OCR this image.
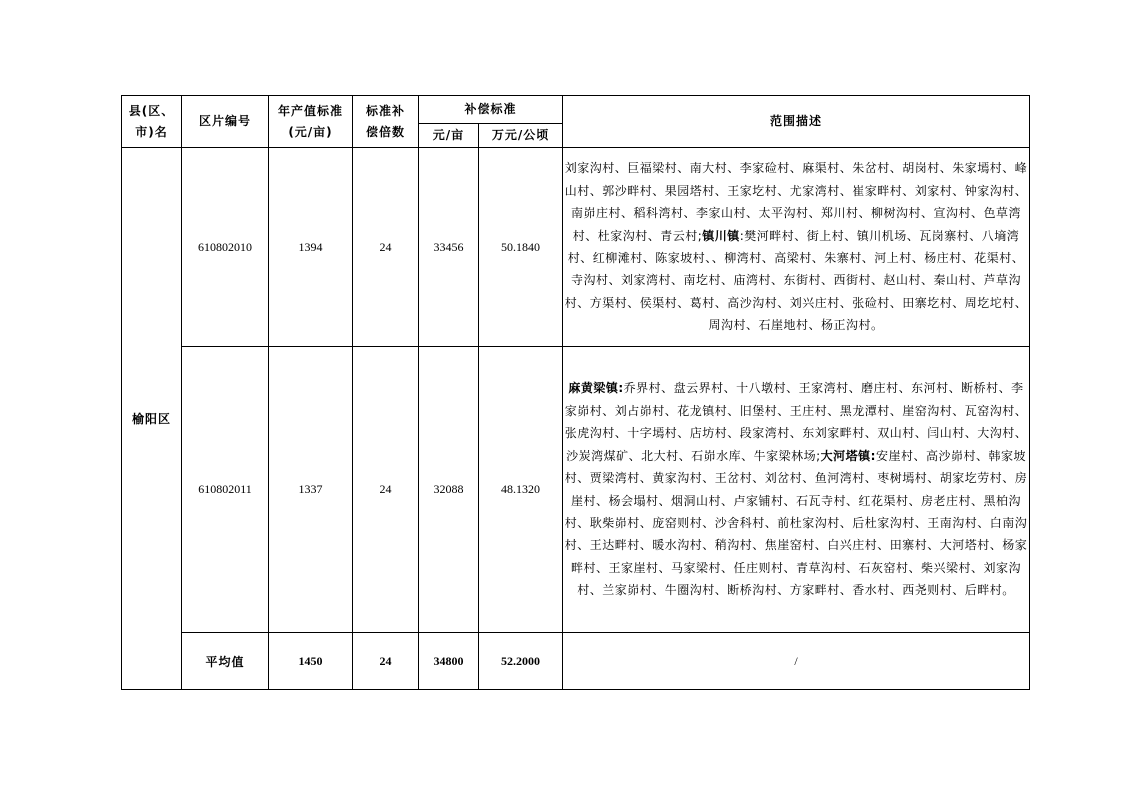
县(区、市)名	区片编号	年产值标准(元/亩)	标准补偿倍数	补偿标准		范围描述
				元/亩	万元/公顷	
榆阳区	610802010	1394	24	33456	50.1840	刘家沟村、巨福梁村、南大村、李家硷村、麻渠村、朱岔村、胡岗村、朱家墕村、峰山村、郭沙畔村、果园塔村、王家圪村、尤家湾村、崔家畔村、刘家村、钟家沟村、南峁庄村、稻科湾村、李家山村、太平沟村、郑川村、柳树沟村、宣沟村、色草湾村、杜家沟村、青云村;镇川镇:樊河畔村、街上村、镇川机场、瓦岗寨村、八墒湾村、红柳滩村、陈家坡村、、柳湾村、高梁村、朱寨村、河上村、杨庄村、花渠村、寺沟村、刘家湾村、南圪村、庙湾村、东街村、西街村、赵山村、秦山村、芦草沟村、方渠村、侯渠村、葛村、高沙沟村、刘兴庄村、张硷村、田寨圪村、周圪坨村、周沟村、石崖地村、杨正沟村。
	610802011	1337	24	32088	48.1320	麻黄梁镇:乔界村、盘云界村、十八墩村、王家湾村、磨庄村、东河村、断桥村、李家峁村、刘占峁村、花龙镇村、旧堡村、王庄村、黑龙潭村、崖窑沟村、瓦窑沟村、张虎沟村、十字墕村、店坊村、段家湾村、东刘家畔村、双山村、闫山村、大沟村、沙炭湾煤矿、北大村、石峁水库、牛家梁林场;大河塔镇:安崖村、高沙峁村、韩家坡村、贾梁湾村、黄家沟村、王岔村、刘岔村、鱼河湾村、枣树墕村、胡家圪劳村、房崖村、杨会塌村、烟洞山村、卢家铺村、石瓦寺村、红花渠村、房老庄村、黑柏沟村、耿柴峁村、庞窑则村、沙舍科村、前杜家沟村、后杜家沟村、王南沟村、白南沟村、王达畔村、暖水沟村、稍沟村、焦崖窑村、白兴庄村、田寨村、大河塔村、杨家畔村、王家崖村、马家梁村、任庄则村、青草沟村、石灰窑村、柴兴梁村、刘家沟村、兰家峁村、牛圈沟村、断桥沟村、方家畔村、香水村、西尧则村、后畔村。
	平均值	1450	24	34800	52.2000	/
